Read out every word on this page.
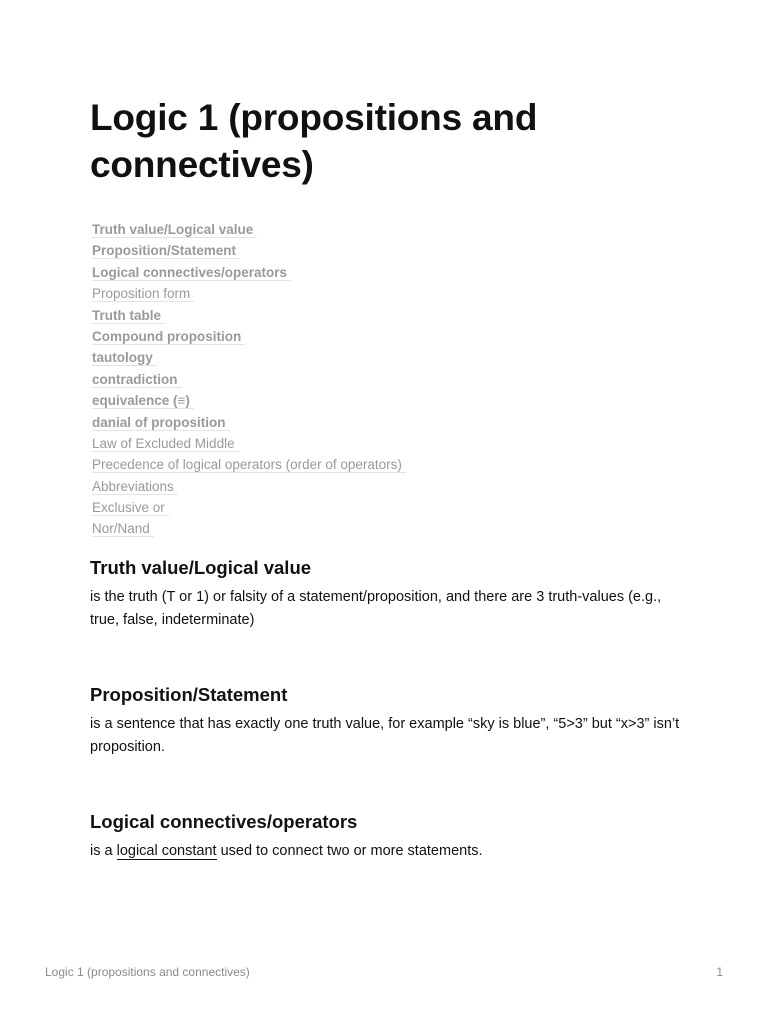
Logic 1 (propositions and connectives)
Truth value/Logical value
Proposition/Statement
Logical connectives/operators
Proposition form
Truth table
Compound proposition
tautology
contradiction
equivalence (≡)
danial of proposition
Law of Excluded Middle
Precedence of logical operators (order of operators)
Abbreviations
Exclusive or
Nor/Nand
Truth value/Logical value

is the truth (T or 1) or falsity of a statement/proposition, and there are 3 truth-values (e.g., true, false, indeterminate)

Proposition/Statement

is a sentence that has exactly one truth value, for example “sky is blue”, “5>3” but “x>3” isn’t proposition.

Logical connectives/operators

is a logical constant used to connect two or more statements.

Logic 1 (propositions and connectives)	1
